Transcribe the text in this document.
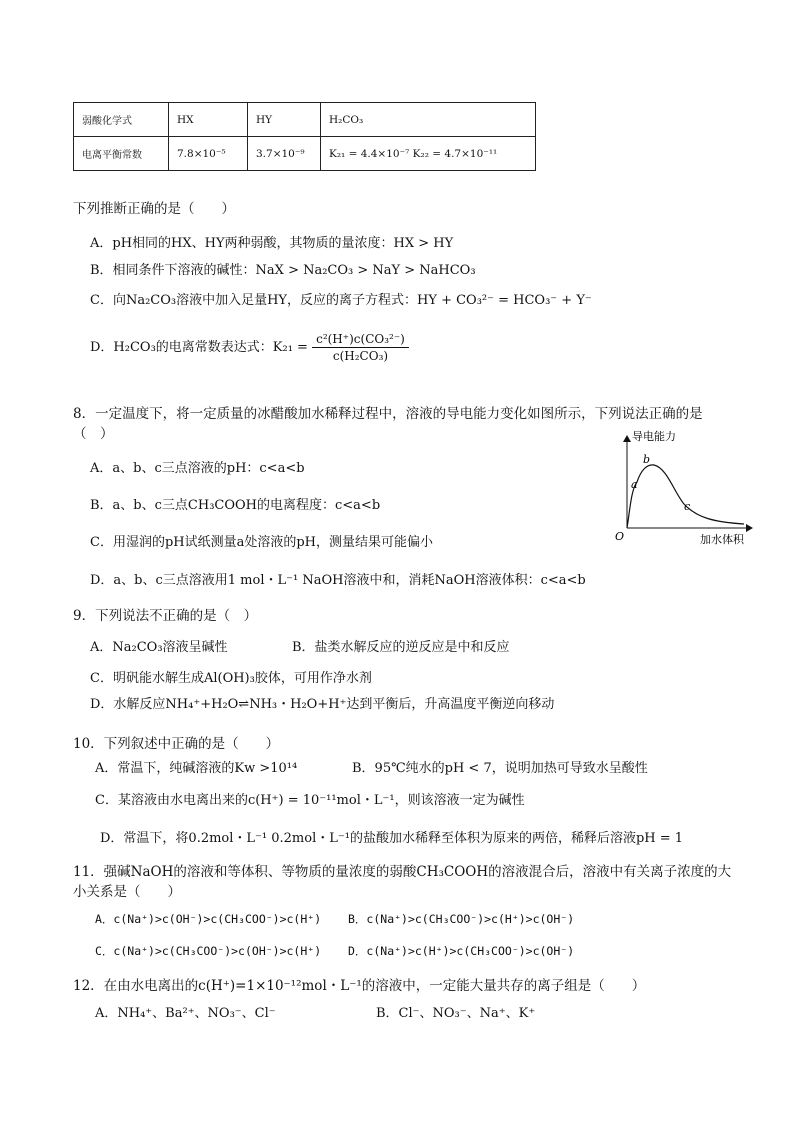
弱酸化学式	HX	HY	H₂CO₃
电离平衡常数	7.8×10⁻⁵	3.7×10⁻⁹	K₂₁ = 4.4×10⁻⁷ K₂₂ = 4.7×10⁻¹¹
下列推断正确的是（　　）
A．pH相同的HX、HY两种弱酸，其物质的量浓度：HX > HY
B．相同条件下溶液的碱性：NaX > Na₂CO₃ > NaY > NaHCO₃
C．向Na₂CO₃溶液中加入足量HY，反应的离子方程式：HY + CO₃²⁻ = HCO₃⁻ + Y⁻
D．H₂CO₃的电离常数表达式：$K_{21} = \frac{\text{c²(H⁺)c(CO₃²⁻)}}{\text{c(H₂CO₃)}}$
8．一定温度下，将一定质量的冰醋酸加水稀释过程中，溶液的导电能力变化如图所示，下列说法正确的是
（　）
A．a、b、c三点溶液的pH：c<a<b
B．a、b、c三点CH₃COOH的电离程度：c<a<b
C．用湿润的pH试纸测量a处溶液的pH，测量结果可能偏小
D．a、b、c三点溶液用1 mol・L⁻¹ NaOH溶液中和，消耗NaOH溶液体积：c<a<b
导电能力
加水体积
O
a
b
c
9．下列说法不正确的是（　）
A．Na₂CO₃溶液呈碱性	B．盐类水解反应的逆反应是中和反应
C．明矾能水解生成Al(OH)₃胶体，可用作净水剂
D．水解反应NH₄⁺+H₂O⇌NH₃・H₂O+H⁺达到平衡后，升高温度平衡逆向移动
10．下列叙述中正确的是（　　）
A．常温下，纯碱溶液的Kw >10¹⁴	B．95℃纯水的pH < 7，说明加热可导致水呈酸性
C．某溶液由水电离出来的c(H⁺) = 10⁻¹¹mol・L⁻¹，则该溶液一定为碱性
D．常温下，将0.2mol・L⁻¹ 0.2mol・L⁻¹的盐酸加水稀释至体积为原来的两倍，稀释后溶液pH = 1
11．强碱NaOH的溶液和等体积、等物质的量浓度的弱酸CH₃COOH的溶液混合后，溶液中有关离子浓度的大
小关系是（　　）
A．c(Na⁺)>c(OH⁻)>c(CH₃COO⁻)>c(H⁺) B．c(Na⁺)>c(CH₃COO⁻)>c(H⁺)>c(OH⁻)
C．c(Na⁺)>c(CH₃COO⁻)>c(OH⁻)>c(H⁺) D．c(Na⁺)>c(H⁺)>c(CH₃COO⁻)>c(OH⁻)
12．在由水电离出的c(H⁺)=1×10⁻¹²mol・L⁻¹的溶液中，一定能大量共存的离子组是（　　）
A．NH₄⁺、Ba²⁺、NO₃⁻、Cl⁻	B．Cl⁻、NO₃⁻、Na⁺、K⁺
